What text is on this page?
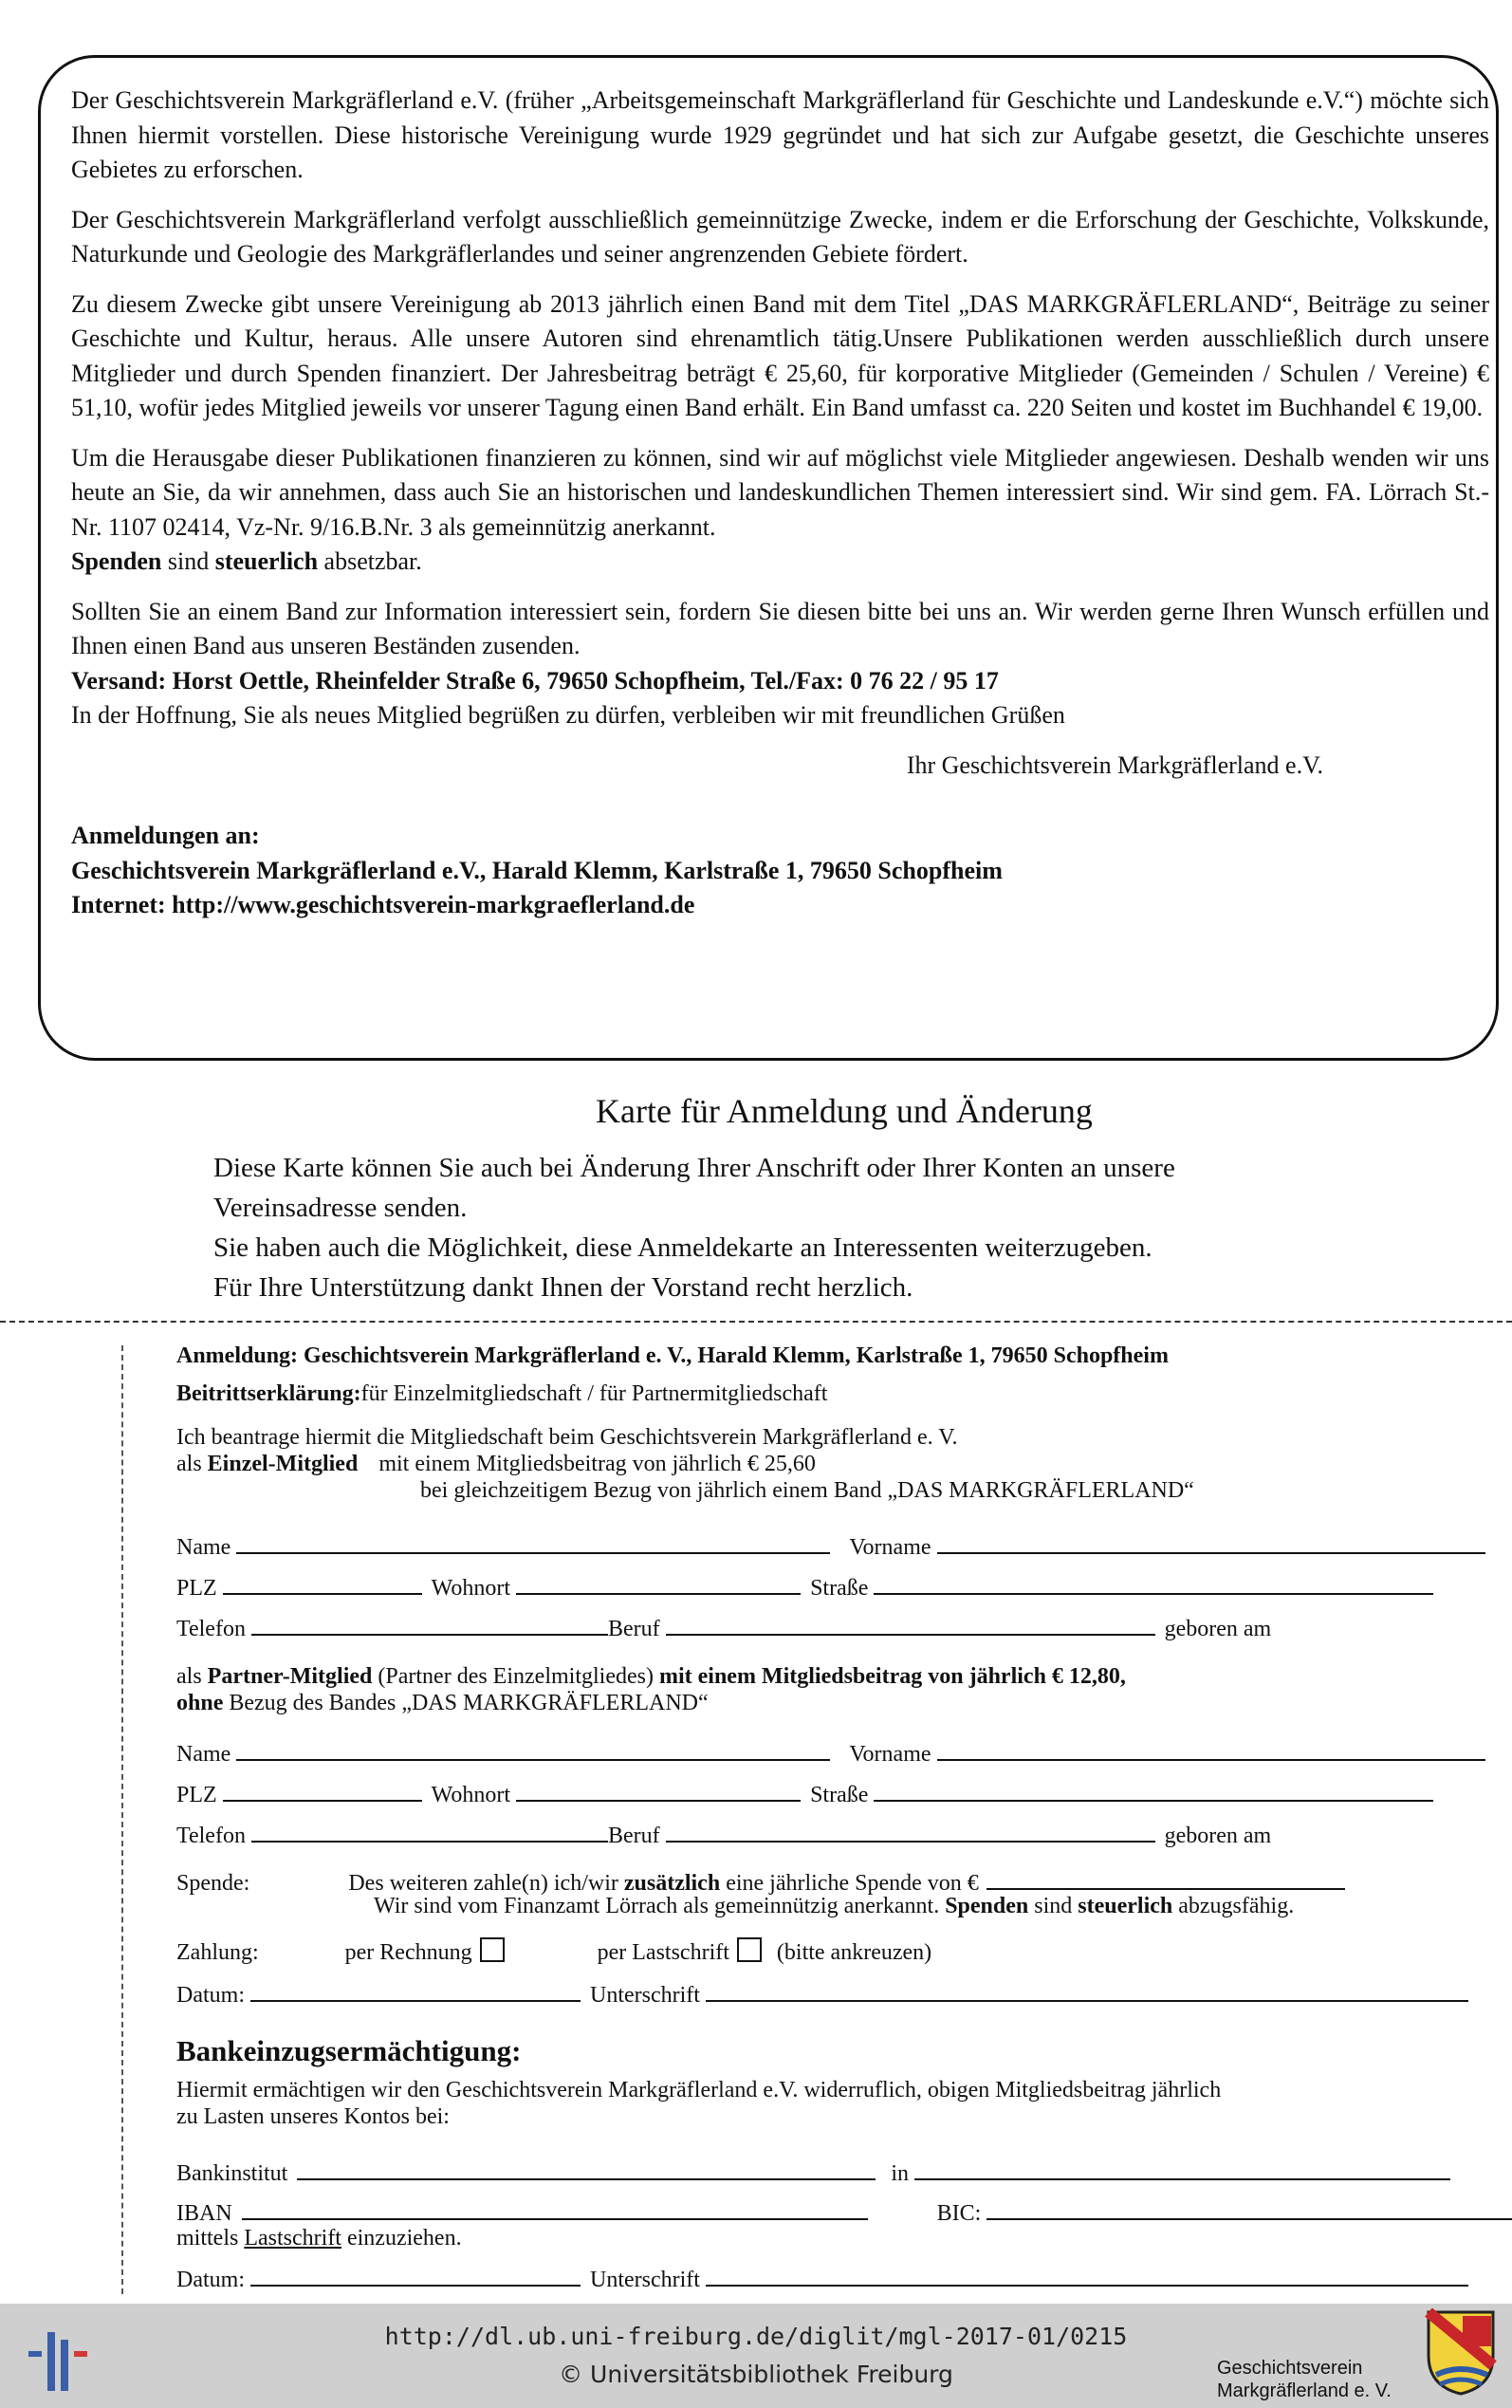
Der Geschichtsverein Markgräflerland e.V. (früher „Arbeitsgemeinschaft Markgräflerland für Geschichte und Landeskunde e.V.“) möchte sich Ihnen hiermit vorstellen. Diese historische Vereinigung wurde 1929 gegründet und hat sich zur Aufgabe gesetzt, die Geschichte unseres Gebietes zu erforschen.

Der Geschichtsverein Markgräflerland verfolgt ausschließlich gemeinnützige Zwecke, indem er die Erforschung der Geschichte, Volkskunde, Naturkunde und Geologie des Markgräflerlandes und seiner angrenzenden Gebiete fördert.

Zu diesem Zwecke gibt unsere Vereinigung ab 2013 jährlich einen Band mit dem Titel „DAS MARKGRÄFLERLAND“, Beiträge zu seiner Geschichte und Kultur, heraus. Alle unsere Autoren sind ehrenamtlich tätig.Unsere Publikationen werden ausschließlich durch unsere Mitglieder und durch Spenden finanziert. Der Jahresbeitrag beträgt € 25,60, für korporative Mitglieder (Gemeinden / Schulen / Vereine) € 51,10, wofür jedes Mitglied jeweils vor unserer Tagung einen Band erhält. Ein Band umfasst ca. 220 Seiten und kostet im Buchhandel € 19,00.

Um die Herausgabe dieser Publikationen finanzieren zu können, sind wir auf möglichst viele Mitglieder angewiesen. Deshalb wenden wir uns heute an Sie, da wir annehmen, dass auch Sie an historischen und landeskundlichen Themen interessiert sind. Wir sind gem. FA. Lörrach St.-Nr. 1107 02414, Vz-Nr. 9/16.B.Nr. 3 als gemeinnützig anerkannt.
Spenden sind steuerlich absetzbar.

Sollten Sie an einem Band zur Information interessiert sein, fordern Sie diesen bitte bei uns an. Wir werden gerne Ihren Wunsch erfüllen und Ihnen einen Band aus unseren Beständen zusenden.

Versand: Horst Oettle, Rheinfelder Straße 6, 79650 Schopfheim, Tel./Fax: 0 76 22 / 95 17

In der Hoffnung, Sie als neues Mitglied begrüßen zu dürfen, verbleiben wir mit freundlichen Grüßen

Ihr Geschichtsverein Markgräflerland e.V.

Anmeldungen an:

Geschichtsverein Markgräflerland e.V., Harald Klemm, Karlstraße 1, 79650 Schopfheim

Internet: http://www.geschichtsverein-markgraeflerland.de

Karte für Anmeldung und Änderung
Diese Karte können Sie auch bei Änderung Ihrer Anschrift oder Ihrer Konten an unsere
Vereinsadresse senden.
Sie haben auch die Möglichkeit, diese Anmeldekarte an Interessenten weiterzugeben.
Für Ihre Unterstützung dankt Ihnen der Vorstand recht herzlich.
Anmeldung: Geschichtsverein Markgräflerland e. V., Harald Klemm, Karlstraße 1, 79650 Schopfheim
Beitrittserklärung:für Einzelmitgliedschaft / für Partnermitgliedschaft
Ich beantrage hiermit die Mitgliedschaft beim Geschichtsverein Markgräflerland e. V.
als Einzel-Mitglied mit einem Mitgliedsbeitrag von jährlich € 25,60
bei gleichzeitigem Bezug von jährlich einem Band „DAS MARKGRÄFLERLAND“
Name	Vorname
PLZ	Wohnort	Straße
Telefon	Beruf	geboren am
als Partner-Mitglied (Partner des Einzelmitgliedes) mit einem Mitgliedsbeitrag von jährlich € 12,80,
ohne Bezug des Bandes „DAS MARKGRÄFLERLAND“
Name	Vorname
PLZ	Wohnort	Straße
Telefon	Beruf	geboren am
Spende:	Des weiteren zahle(n) ich/wir zusätzlich eine jährliche Spende von €
Wir sind vom Finanzamt Lörrach als gemeinnützig anerkannt. Spenden sind steuerlich abzugsfähig.
Zahlung:	per Rechnung	per Lastschrift (bitte ankreuzen)
Datum:	Unterschrift
Bankeinzugsermächtigung:
Hiermit ermächtigen wir den Geschichtsverein Markgräflerland e.V. widerruflich, obigen Mitgliedsbeitrag jährlich
zu Lasten unseres Kontos bei:
Bankinstitut	in
IBAN	BIC:
mittels Lastschrift einzuziehen.
Datum:	Unterschrift
http://dl.ub.uni-freiburg.de/diglit/mgl-2017-01/0215
© Universitätsbibliothek Freiburg	Geschichtsverein
Markgräflerland e. V.
